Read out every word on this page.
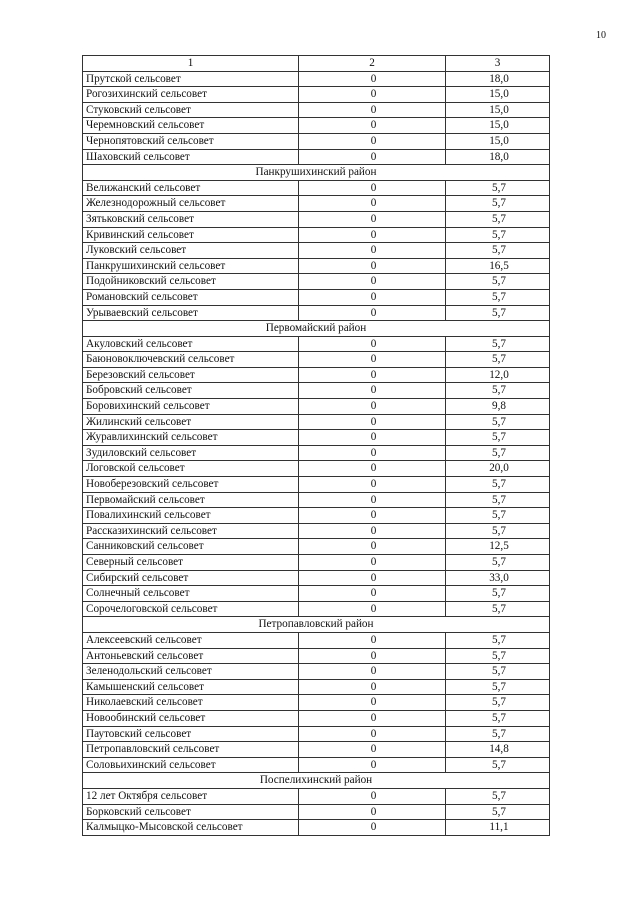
10
1	2	3
Прутской сельсовет	0	18,0
Рогозихинский сельсовет	0	15,0
Стуковский сельсовет	0	15,0
Черемновский сельсовет	0	15,0
Чернопятовский сельсовет	0	15,0
Шаховский сельсовет	0	18,0
Панкрушихинский район		
Велижанский сельсовет	0	5,7
Железнодорожный сельсовет	0	5,7
Зятьковский сельсовет	0	5,7
Кривинский сельсовет	0	5,7
Луковский сельсовет	0	5,7
Панкрушихинский сельсовет	0	16,5
Подойниковский сельсовет	0	5,7
Романовский сельсовет	0	5,7
Урываевский сельсовет	0	5,7
Первомайский район		
Акуловский сельсовет	0	5,7
Баюновоключевский сельсовет	0	5,7
Березовский сельсовет	0	12,0
Бобровский сельсовет	0	5,7
Боровихинский сельсовет	0	9,8
Жилинский сельсовет	0	5,7
Журавлихинский сельсовет	0	5,7
Зудиловский сельсовет	0	5,7
Логовской сельсовет	0	20,0
Новоберезовский сельсовет	0	5,7
Первомайский сельсовет	0	5,7
Повалихинский сельсовет	0	5,7
Рассказихинский сельсовет	0	5,7
Санниковский сельсовет	0	12,5
Северный сельсовет	0	5,7
Сибирский сельсовет	0	33,0
Солнечный сельсовет	0	5,7
Сорочелоговской сельсовет	0	5,7
Петропавловский район		
Алексеевский сельсовет	0	5,7
Антоньевский сельсовет	0	5,7
Зеленодольский сельсовет	0	5,7
Камышенский сельсовет	0	5,7
Николаевский сельсовет	0	5,7
Новообинский сельсовет	0	5,7
Паутовский сельсовет	0	5,7
Петропавловский сельсовет	0	14,8
Соловьихинский сельсовет	0	5,7
Поспелихинский район		
12 лет Октября сельсовет	0	5,7
Борковский сельсовет	0	5,7
Калмыцко-Мысовской сельсовет	0	11,1
